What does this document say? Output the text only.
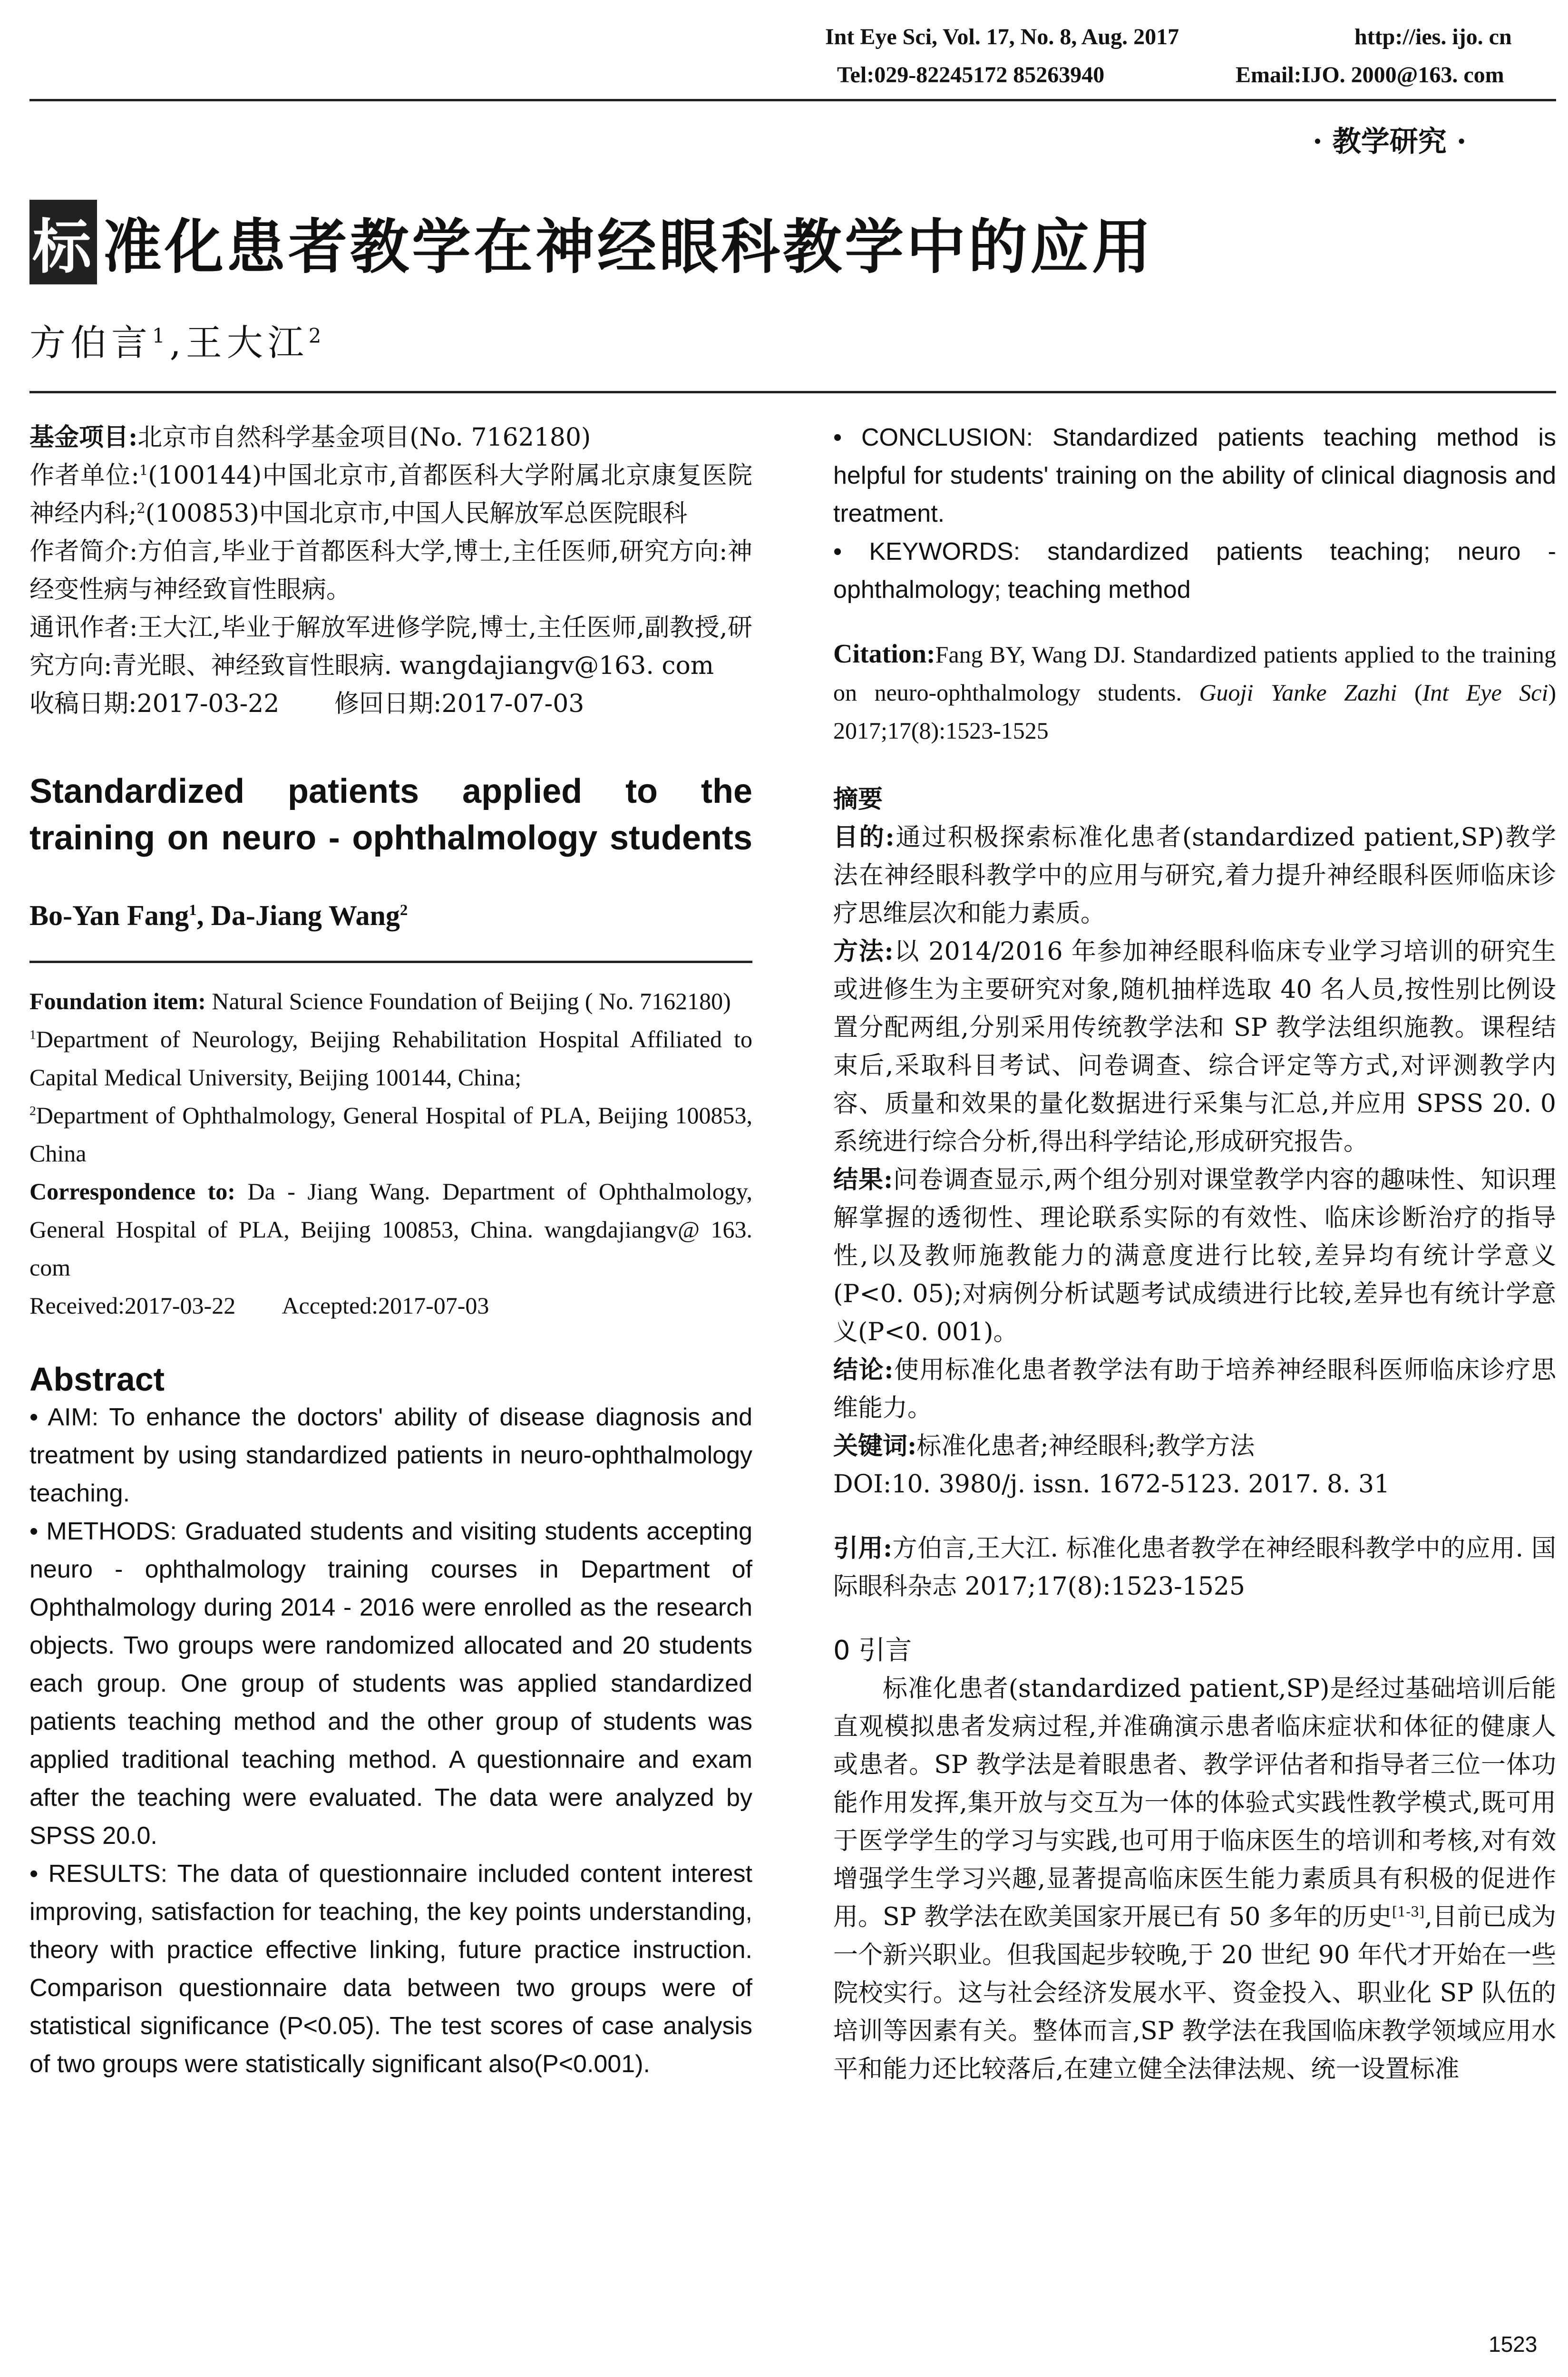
Int Eye Sci, Vol. 17, No. 8, Aug. 2017	http://ies. ijo. cn
Tel:029-82245172 85263940	Email:IJO. 2000@163. com
· 教学研究 ·
标 准化患者教学在神经眼科教学中的应用
方伯言$^1$,王大江$^2$

基金项目:北京市自然科学基金项目(No. 7162180)

作者单位:$^1$(100144)中国北京市,首都医科大学附属北京康复医院神经内科;$^2$(100853)中国北京市,中国人民解放军总医院眼科

作者简介:方伯言,毕业于首都医科大学,博士,主任医师,研究方向:神经变性病与神经致盲性眼病。

通讯作者:王大江,毕业于解放军进修学院,博士,主任医师,副教授,研究方向:青光眼、神经致盲性眼病. wangdajiangv@163. com

收稿日期:2017-03-22       修回日期:2017-07-03

Standardized patients applied to the training on neuro - ophthalmology students
Bo-Yan Fang$^1$, Da-Jiang Wang$^2$

Foundation item: Natural Science Foundation of Beijing ( No. 7162180)

$^1$Department of Neurology, Beijing Rehabilitation Hospital Affiliated to Capital Medical University, Beijing 100144, China;

$^2$Department of Ophthalmology, General Hospital of PLA, Beijing 100853, China

Correspondence to: Da - Jiang Wang. Department of Ophthalmology, General Hospital of PLA, Beijing 100853, China. wangdajiangv@ 163. com

Received:2017-03-22        Accepted:2017-07-03

Abstract

• AIM: To enhance the doctors' ability of disease diagnosis and treatment by using standardized patients in neuro-ophthalmology teaching.

• METHODS: Graduated students and visiting students accepting neuro - ophthalmology training courses in Department of Ophthalmology during 2014 - 2016 were enrolled as the research objects. Two groups were randomized allocated and 20 students each group. One group of students was applied standardized patients teaching method and the other group of students was applied traditional teaching method. A questionnaire and exam after the teaching were evaluated. The data were analyzed by SPSS 20.0.

• RESULTS: The data of questionnaire included content interest improving, satisfaction for teaching, the key points understanding, theory with practice effective linking, future practice instruction. Comparison questionnaire data between two groups were of statistical significance (P<0.05). The test scores of case analysis of two groups were statistically significant also(P<0.001).

• CONCLUSION: Standardized patients teaching method is helpful for students' training on the ability of clinical diagnosis and treatment.

• KEYWORDS: standardized patients teaching; neuro - ophthalmology; teaching method

Citation:Fang BY, Wang DJ. Standardized patients applied to the training on neuro-ophthalmology students. Guoji Yanke Zazhi (Int Eye Sci) 2017;17(8):1523-1525
摘要

目的:通过积极探索标准化患者(standardized patient,SP)教学法在神经眼科教学中的应用与研究,着力提升神经眼科医师临床诊疗思维层次和能力素质。

方法:以 2014/2016 年参加神经眼科临床专业学习培训的研究生或进修生为主要研究对象,随机抽样选取 40 名人员,按性别比例设置分配两组,分别采用传统教学法和 SP 教学法组织施教。课程结束后,采取科目考试、问卷调查、综合评定等方式,对评测教学内容、质量和效果的量化数据进行采集与汇总,并应用 SPSS 20. 0 系统进行综合分析,得出科学结论,形成研究报告。

结果:问卷调查显示,两个组分别对课堂教学内容的趣味性、知识理解掌握的透彻性、理论联系实际的有效性、临床诊断治疗的指导性,以及教师施教能力的满意度进行比较,差异均有统计学意义(P<0. 05);对病例分析试题考试成绩进行比较,差异也有统计学意义(P<0. 001)。

结论:使用标准化患者教学法有助于培养神经眼科医师临床诊疗思维能力。

关键词:标准化患者;神经眼科;教学方法

DOI:10. 3980/j. issn. 1672-5123. 2017. 8. 31

引用:方伯言,王大江. 标准化患者教学在神经眼科教学中的应用. 国际眼科杂志 2017;17(8):1523-1525
0 引言
标准化患者(standardized patient,SP)是经过基础培训后能直观模拟患者发病过程,并准确演示患者临床症状和体征的健康人或患者。SP 教学法是着眼患者、教学评估者和指导者三位一体功能作用发挥,集开放与交互为一体的体验式实践性教学模式,既可用于医学学生的学习与实践,也可用于临床医生的培训和考核,对有效增强学生学习兴趣,显著提高临床医生能力素质具有积极的促进作用。SP 教学法在欧美国家开展已有 50 多年的历史[1-3],目前已成为一个新兴职业。但我国起步较晚,于 20 世纪 90 年代才开始在一些院校实行。这与社会经济发展水平、资金投入、职业化 SP 队伍的培训等因素有关。整体而言,SP 教学法在我国临床教学领域应用水平和能力还比较落后,在建立健全法律法规、统一设置标准
1523
